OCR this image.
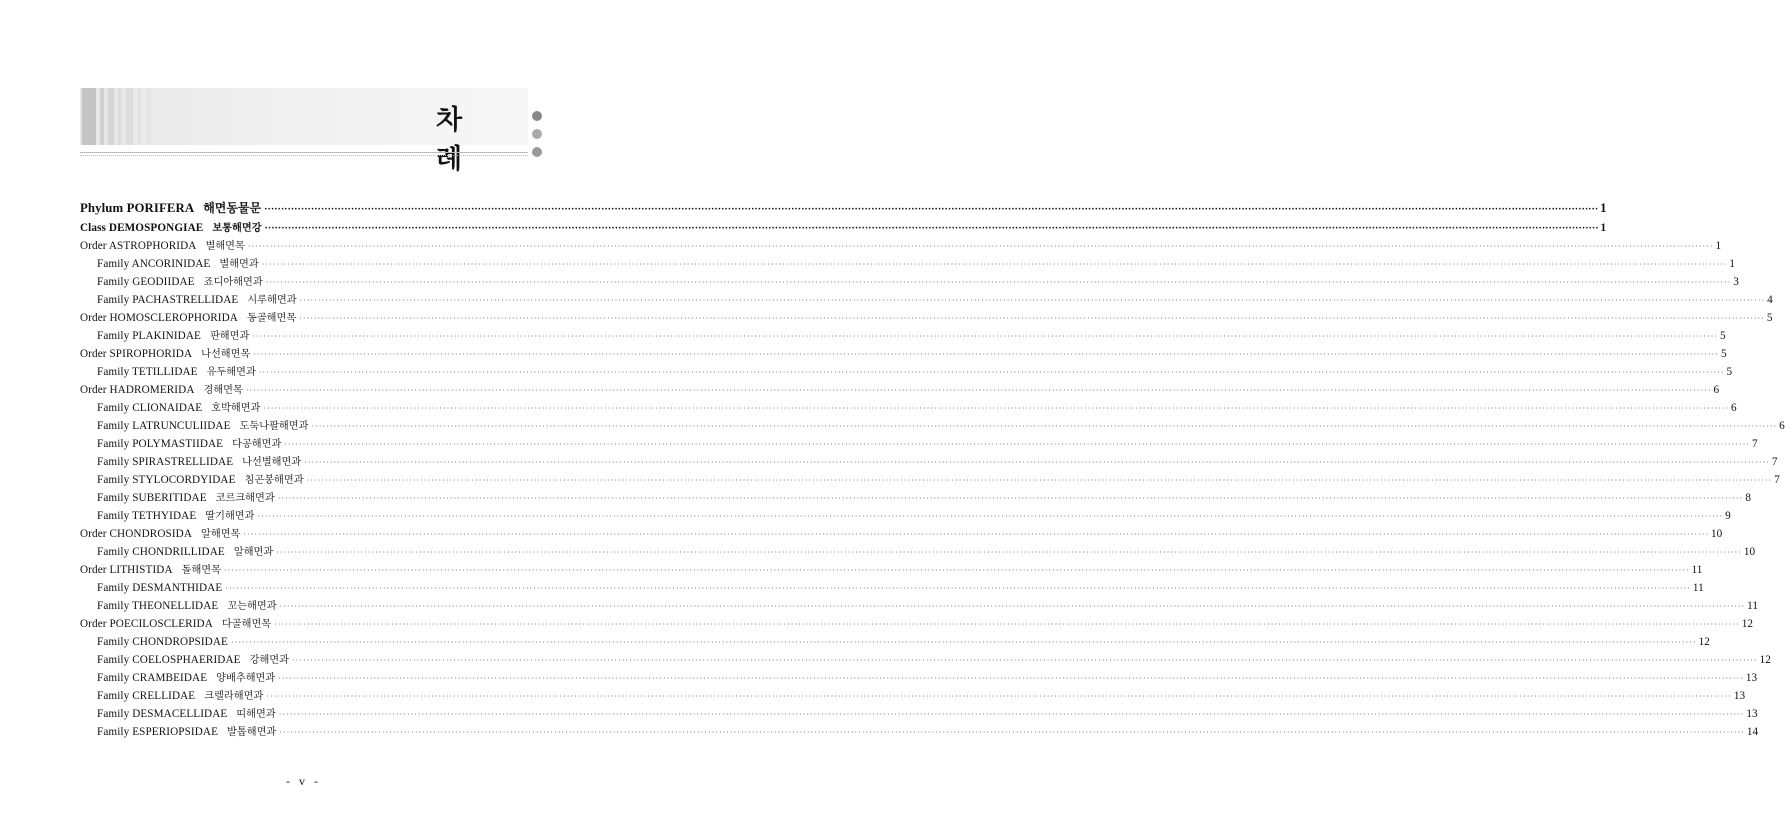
차 례
Phylum PORIFERA 해면동물문 ················································································································································································································································································································································································································ 1
Class DEMOSPONGIAE 보통해면강 ················································································································································································································································································································································································································ 1
Order ASTROPHORIDA 별해면목 ················································································································································································································································································································································································································ 1
Family ANCORINIDAE 별해면과 ················································································································································································································································································································································································································ 1
Family GEODIIDAE 죠디아해면과 ················································································································································································································································································································································································································ 3
Family PACHASTRELLIDAE 시루해면과 ················································································································································································································································································································································································································ 4
Order HOMOSCLEROPHORIDA 동골해면목 ················································································································································································································································································································································································································ 5
Family PLAKINIDAE 판해면과 ················································································································································································································································································································································································································ 5
Order SPIROPHORIDA 나선해면목 ················································································································································································································································································································································································································ 5
Family TETILLIDAE 유두해면과 ················································································································································································································································································································································································································ 5
Order HADROMERIDA 경해면목 ················································································································································································································································································································································································································ 6
Family CLIONAIDAE 호박해면과 ················································································································································································································································································································································································································ 6
Family LATRUNCULIIDAE 도둑나팔해면과 ················································································································································································································································································································································································································ 6
Family POLYMASTIIDAE 다공해면과 ················································································································································································································································································································································································································ 7
Family SPIRASTRELLIDAE 나선별해면과 ················································································································································································································································································································································································································ 7
Family STYLOCORDYIDAE 침곤봉해면과 ················································································································································································································································································································································································································ 7
Family SUBERITIDAE 코르크해면과 ················································································································································································································································································································································································································ 8
Family TETHYIDAE 딸기해면과 ················································································································································································································································································································································································································ 9
Order CHONDROSIDA 알해면목 ················································································································································································································································································································································································································ 10
Family CHONDRILLIDAE 알해면과 ················································································································································································································································································································································································································ 10
Order LITHISTIDA 돌해면목 ················································································································································································································································································································································································································ 11
Family DESMANTHIDAE ················································································································································································································································································································································································································ 11
Family THEONELLIDAE 꼬는해면과 ················································································································································································································································································································································································································ 11
Order POECILOSCLERIDA 다골해면목 ················································································································································································································································································································································································································ 12
Family CHONDROPSIDAE ················································································································································································································································································································································································································ 12
Family COELOSPHAERIDAE 강해면과 ················································································································································································································································································································································································································ 12
Family CRAMBEIDAE 양배추해면과 ················································································································································································································································································································································································································ 13
Family CRELLIDAE 크렐라해면과 ················································································································································································································································································································································································································ 13
Family DESMACELLIDAE 띠해면과 ················································································································································································································································································································································································································ 13
Family ESPERIOPSIDAE 발톱해면과 ················································································································································································································································································································································································································ 14
- v -
